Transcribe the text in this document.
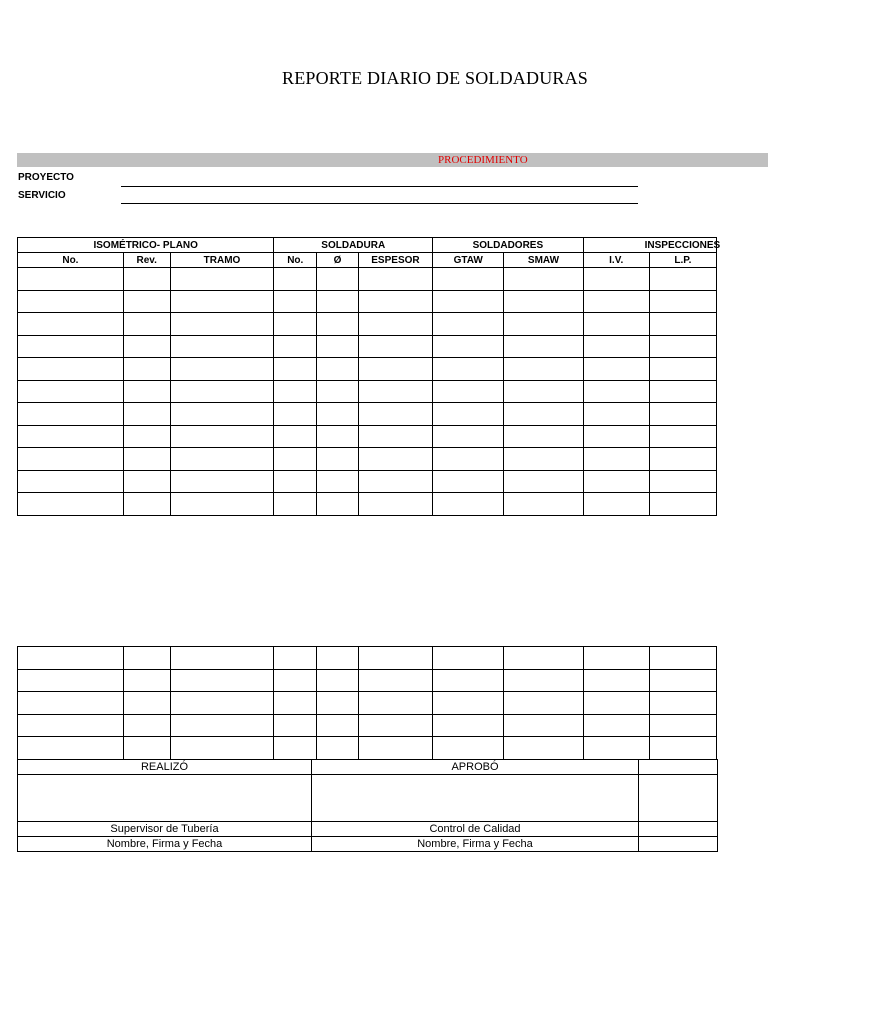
REPORTE DIARIO DE SOLDADURAS
PROCEDIMIENTO
PROYECTO
SERVICIO
ISOMÉTRICO- PLANO			SOLDADURA			SOLDADORES		INSPECCIONES	
No.	Rev.	TRAMO	No.	Ø	ESPESOR	GTAW	SMAW	I.V.	L.P.

REALIZÓ	APROBÓ	

Supervisor de Tubería	Control de Calidad	
Nombre, Firma y Fecha	Nombre, Firma y Fecha	
